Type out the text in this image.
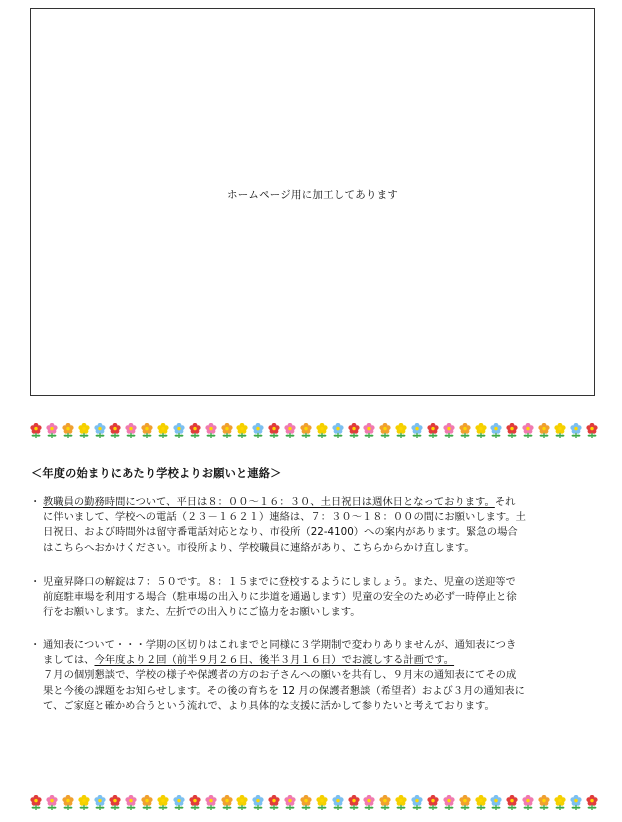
ホームページ用に加工してあります
＜年度の始まりにあたり学校よりお願いと連絡＞
・ 教職員の勤務時間について、平日は８：００～１６：３０、土日祝日は週休日となっております。それ
に伴いまして、学校への電話（２３－１６２１）連絡は、７：３０～１８：００の間にお願いします。土
日祝日、および時間外は留守番電話対応となり、市役所（22-4100）への案内があります。緊急の場合
はこちらへおかけください。市役所より、学校職員に連絡があり、こちらからかけ直します。
・ 児童昇降口の解錠は７：５０です。８：１５までに登校するようにしましょう。また、児童の送迎等で
前庭駐車場を利用する場合（駐車場の出入りに歩道を通過します）児童の安全のため必ず一時停止と徐
行をお願いします。また、左折での出入りにご協力をお願いします。
・ 通知表について・・・学期の区切りはこれまでと同様に３学期制で変わりありませんが、通知表につき
ましては、今年度より２回（前半９月２６日、後半３月１６日）でお渡しする計画です。
７月の個別懇談で、学校の様子や保護者の方のお子さんへの願いを共有し、９月末の通知表にてその成
果と今後の課題をお知らせします。その後の育ちを 12 月の保護者懇談（希望者）および３月の通知表に
て、ご家庭と確かめ合うという流れで、より具体的な支援に活かして参りたいと考えております。
